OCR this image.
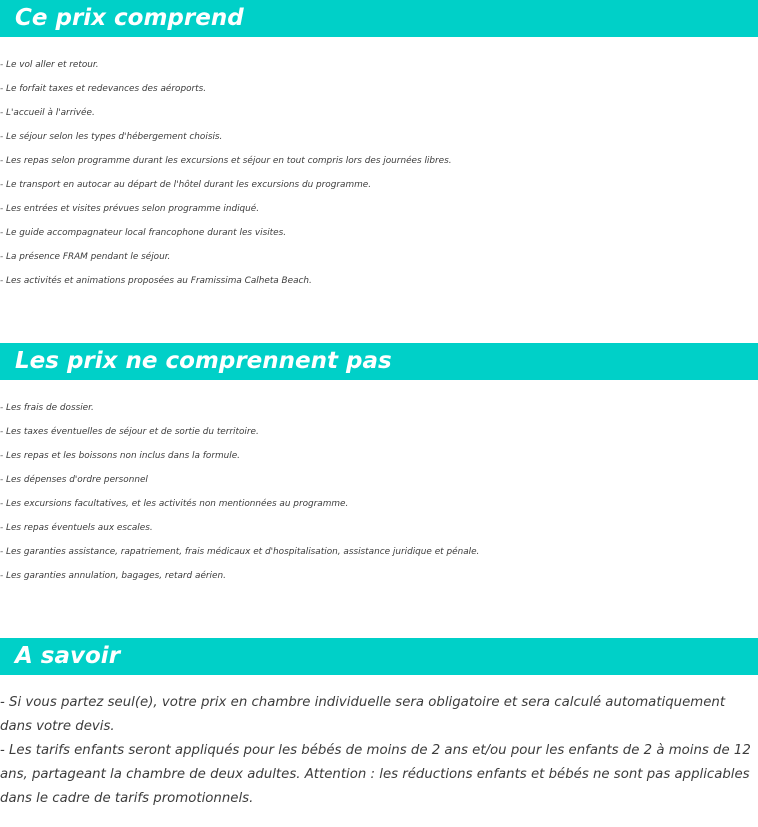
Ce prix comprend
- Le vol aller et retour.
- Le forfait taxes et redevances des aéroports.
- L'accueil à l'arrivée.
- Le séjour selon les types d'hébergement choisis.
- Les repas selon programme durant les excursions et séjour en tout compris lors des journées libres.
- Le transport en autocar au départ de l'hôtel durant les excursions du programme.
- Les entrées et visites prévues selon programme indiqué.
- Le guide accompagnateur local francophone durant les visites.
- La présence FRAM pendant le séjour.
- Les activités et animations proposées au Framissima Calheta Beach.
Les prix ne comprennent pas
- Les frais de dossier.
- Les taxes éventuelles de séjour et de sortie du territoire.
- Les repas et les boissons non inclus dans la formule.
- Les dépenses d'ordre personnel
- Les excursions facultatives, et les activités non mentionnées au programme.
- Les repas éventuels aux escales.
- Les garanties assistance, rapatriement, frais médicaux et d'hospitalisation, assistance juridique et pénale.
- Les garanties annulation, bagages, retard aérien.
A savoir
- Si vous partez seul(e), votre prix en chambre individuelle sera obligatoire et sera calculé automatiquement dans votre devis.
- Les tarifs enfants seront appliqués pour les bébés de moins de 2 ans et/ou pour les enfants de 2 à moins de 12 ans, partageant la chambre de deux adultes. Attention : les réductions enfants et bébés ne sont pas applicables dans le cadre de tarifs promotionnels.
